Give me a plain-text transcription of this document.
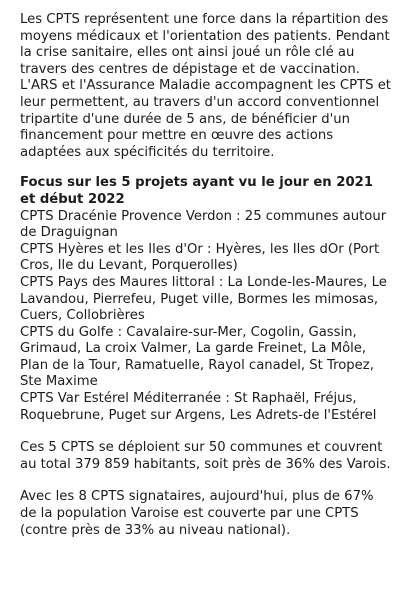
Les CPTS représentent une force dans la répartition des moyens médicaux et l'orientation des patients. Pendant la crise sanitaire, elles ont ainsi joué un rôle clé au travers des centres de dépistage et de vaccination.

L'ARS et l'Assurance Maladie accompagnent les CPTS et leur permettent, au travers d'un accord conventionnel tripartite d'une durée de 5 ans, de bénéficier d'un financement pour mettre en œuvre des actions adaptées aux spécificités du territoire.

Focus sur les 5 projets ayant vu le jour en 2021 et début 2022

CPTS Dracénie Provence Verdon : 25 communes autour de Draguignan

CPTS Hyères et les Iles d'Or : Hyères, les Iles dOr (Port Cros, Ile du Levant, Porquerolles)

CPTS Pays des Maures littoral : La Londe-les-Maures, Le Lavandou, Pierrefeu, Puget ville, Bormes les mimosas, Cuers, Collobrières

CPTS du Golfe : Cavalaire-sur-Mer, Cogolin, Gassin, Grimaud, La croix Valmer, La garde Freinet, La Môle, Plan de la Tour, Ramatuelle, Rayol canadel, St Tropez, Ste Maxime

CPTS Var Estérel Méditerranée : St Raphaël, Fréjus, Roquebrune, Puget sur Argens, Les Adrets-de l'Estérel

Ces 5 CPTS se déploient sur 50 communes et couvrent au total 379 859 habitants, soit près de 36% des Varois.

Avec les 8 CPTS signataires, aujourd'hui, plus de 67% de la population Varoise est couverte par une CPTS (contre près de 33% au niveau national).
